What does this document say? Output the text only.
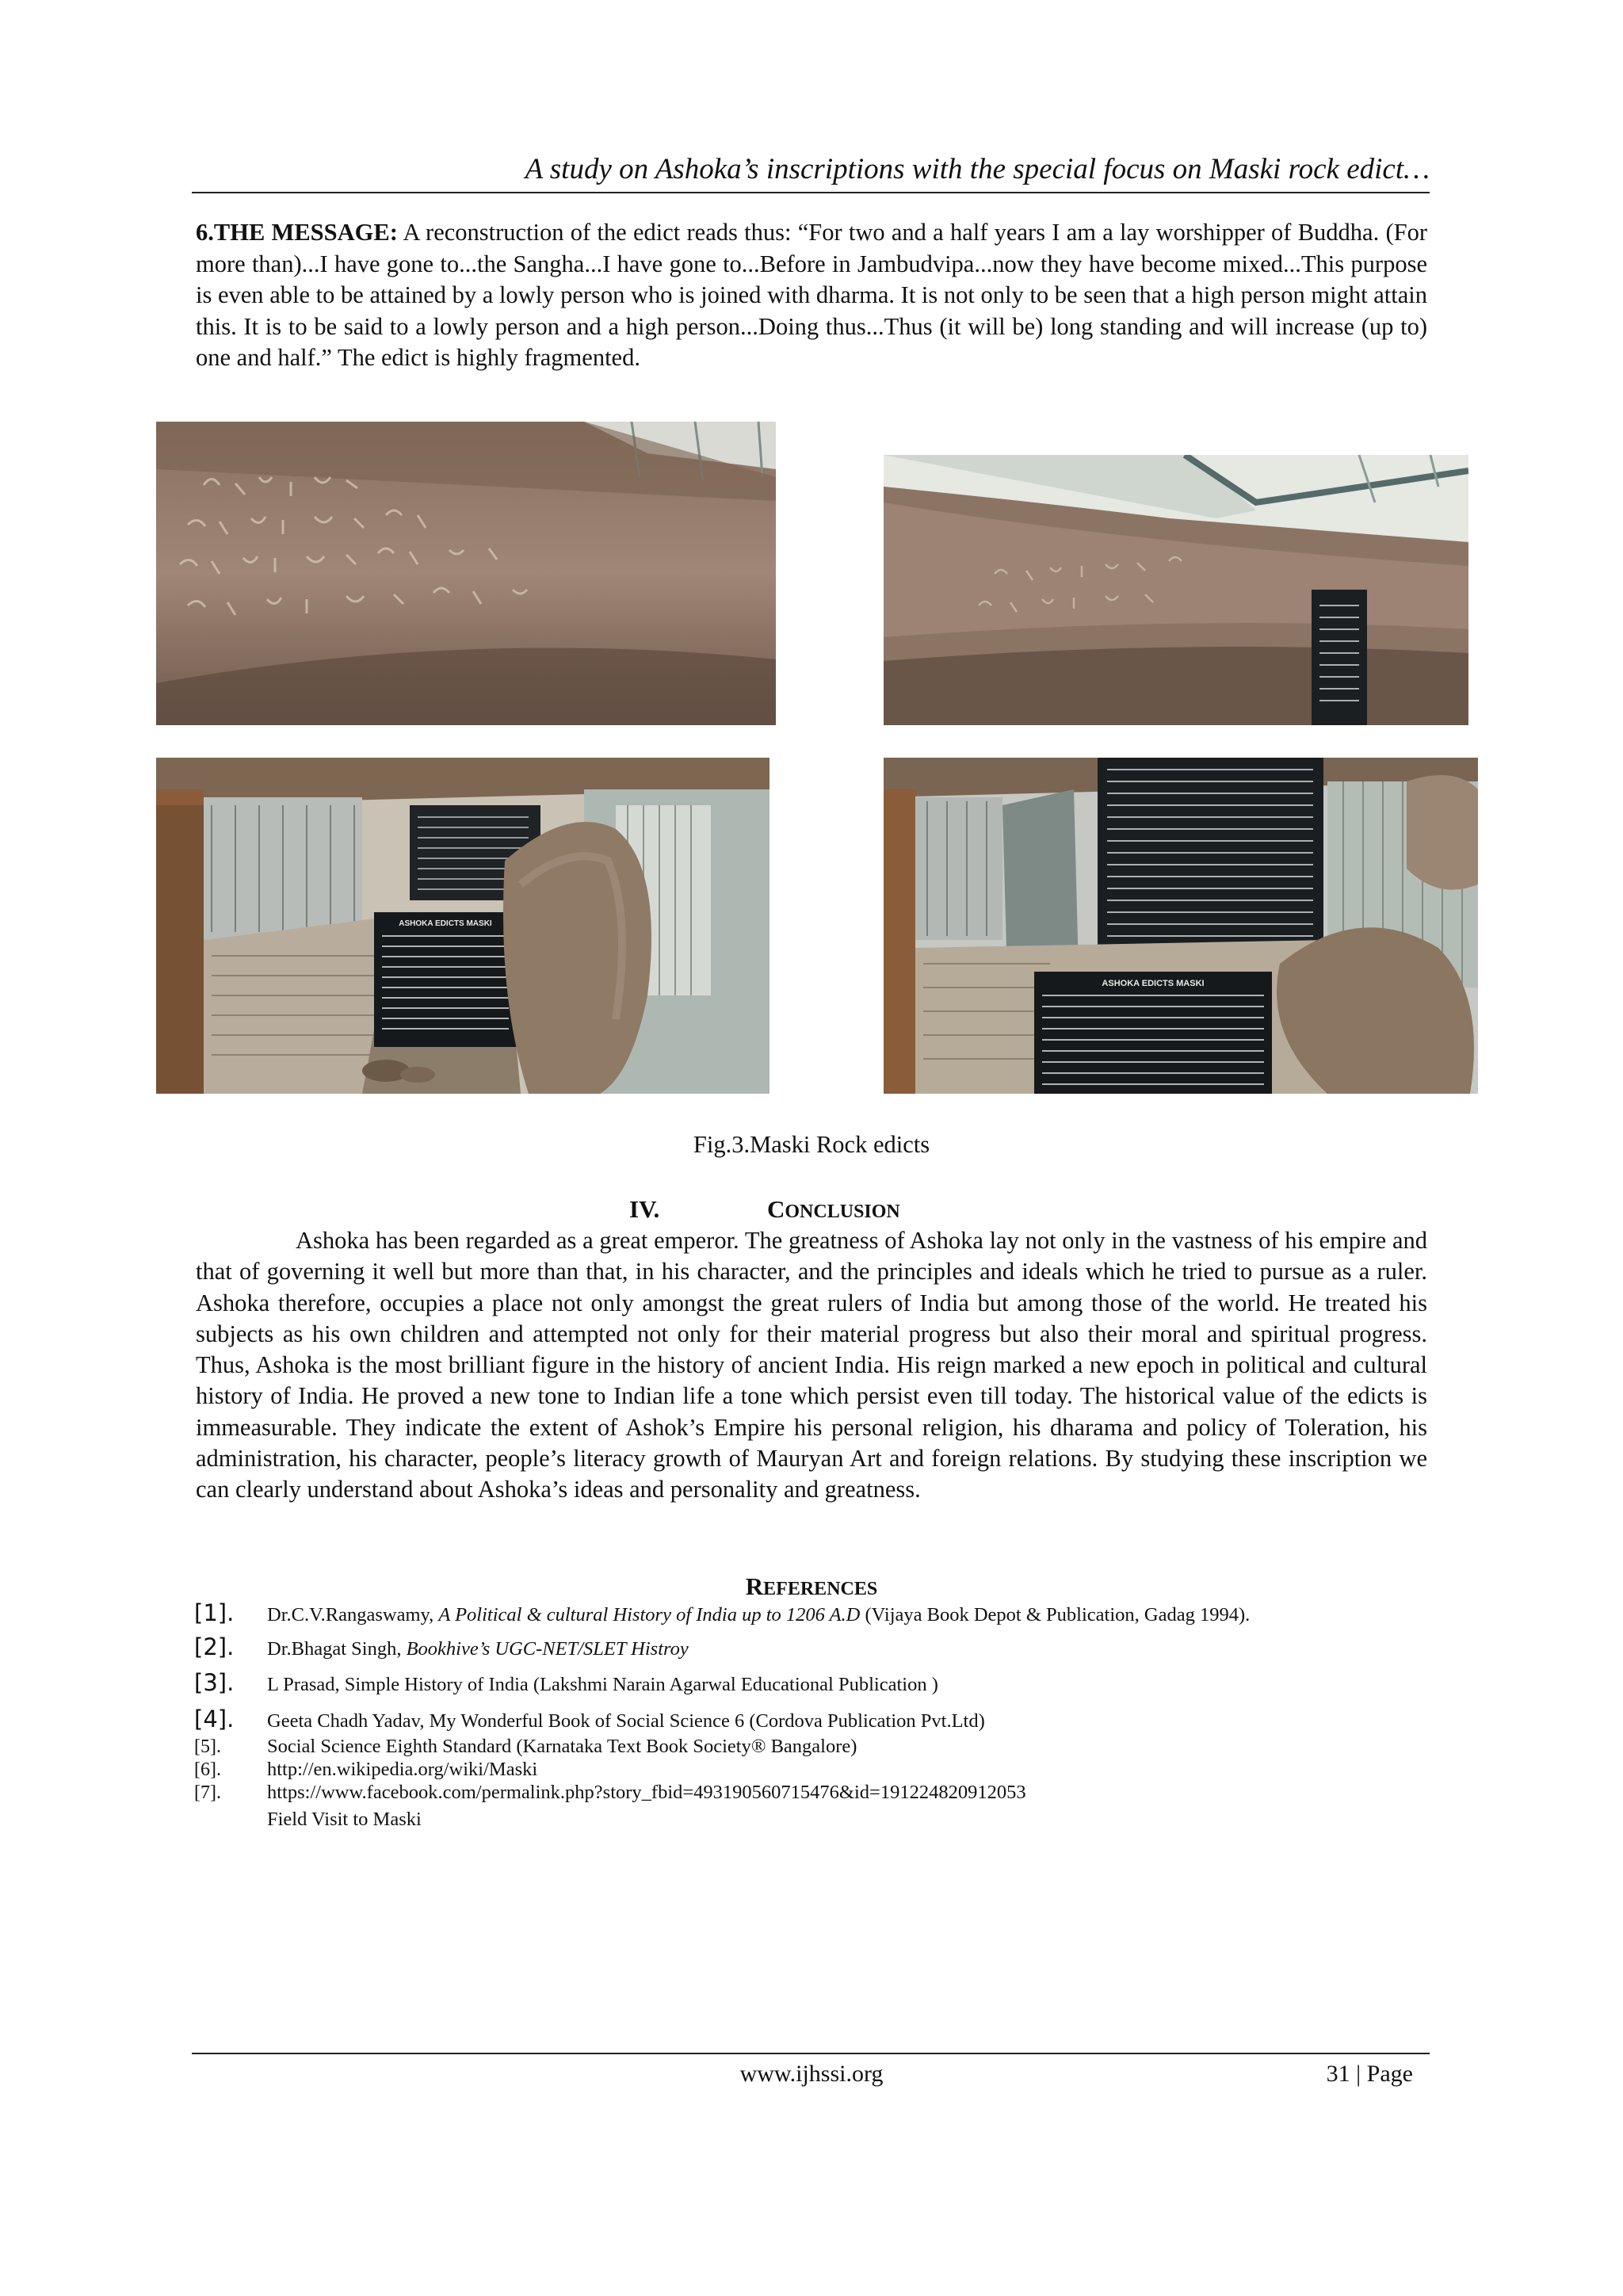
A study on Ashoka’s inscriptions with the special focus on Maski rock edict…
6.THE MESSAGE: A reconstruction of the edict reads thus: “For two and a half years I am a lay worshipper of Buddha. (For more than)...I have gone to...the Sangha...I have gone to...Before in Jambudvipa...now they have become mixed...This purpose is even able to be attained by a lowly person who is joined with dharma. It is not only to be seen that a high person might attain this. It is to be said to a lowly person and a high person...Doing thus...Thus (it will be) long standing and will increase (up to) one and half.” The edict is highly fragmented.
ASHOKA EDICTS MASKI
ASHOKA EDICTS MASKI
Fig.3.Maski Rock edicts
IV.	CONCLUSION
Ashoka has been regarded as a great emperor. The greatness of Ashoka lay not only in the vastness of his empire and that of governing it well but more than that, in his character, and the principles and ideals which he tried to pursue as a ruler. Ashoka therefore, occupies a place not only amongst the great rulers of India but among those of the world. He treated his subjects as his own children and attempted not only for their material progress but also their moral and spiritual progress. Thus, Ashoka is the most brilliant figure in the history of ancient India. His reign marked a new epoch in political and cultural history of India. He proved a new tone to Indian life a tone which persist even till today. The historical value of the edicts is immeasurable. They indicate the extent of Ashok’s Empire his personal religion, his dharama and policy of Toleration, his administration, his character, people’s literacy growth of Mauryan Art and foreign relations. By studying these inscription we can clearly understand about Ashoka’s ideas and personality and greatness.
REFERENCES
[1]. Dr.C.V.Rangaswamy, A Political & cultural History of India up to 1206 A.D (Vijaya Book Depot & Publication, Gadag 1994).
[2]. Dr.Bhagat Singh, Bookhive’s UGC-NET/SLET Histroy
[3]. L Prasad, Simple History of India (Lakshmi Narain Agarwal Educational Publication )
[4]. Geeta Chadh Yadav, My Wonderful Book of Social Science 6 (Cordova Publication Pvt.Ltd)
[5]. Social Science Eighth Standard (Karnataka Text Book Society® Bangalore)
[6]. http://en.wikipedia.org/wiki/Maski
[7]. https://www.facebook.com/permalink.php?story_fbid=493190560715476&id=191224820912053
Field Visit to Maski
www.ijhssi.org	31 | Page
